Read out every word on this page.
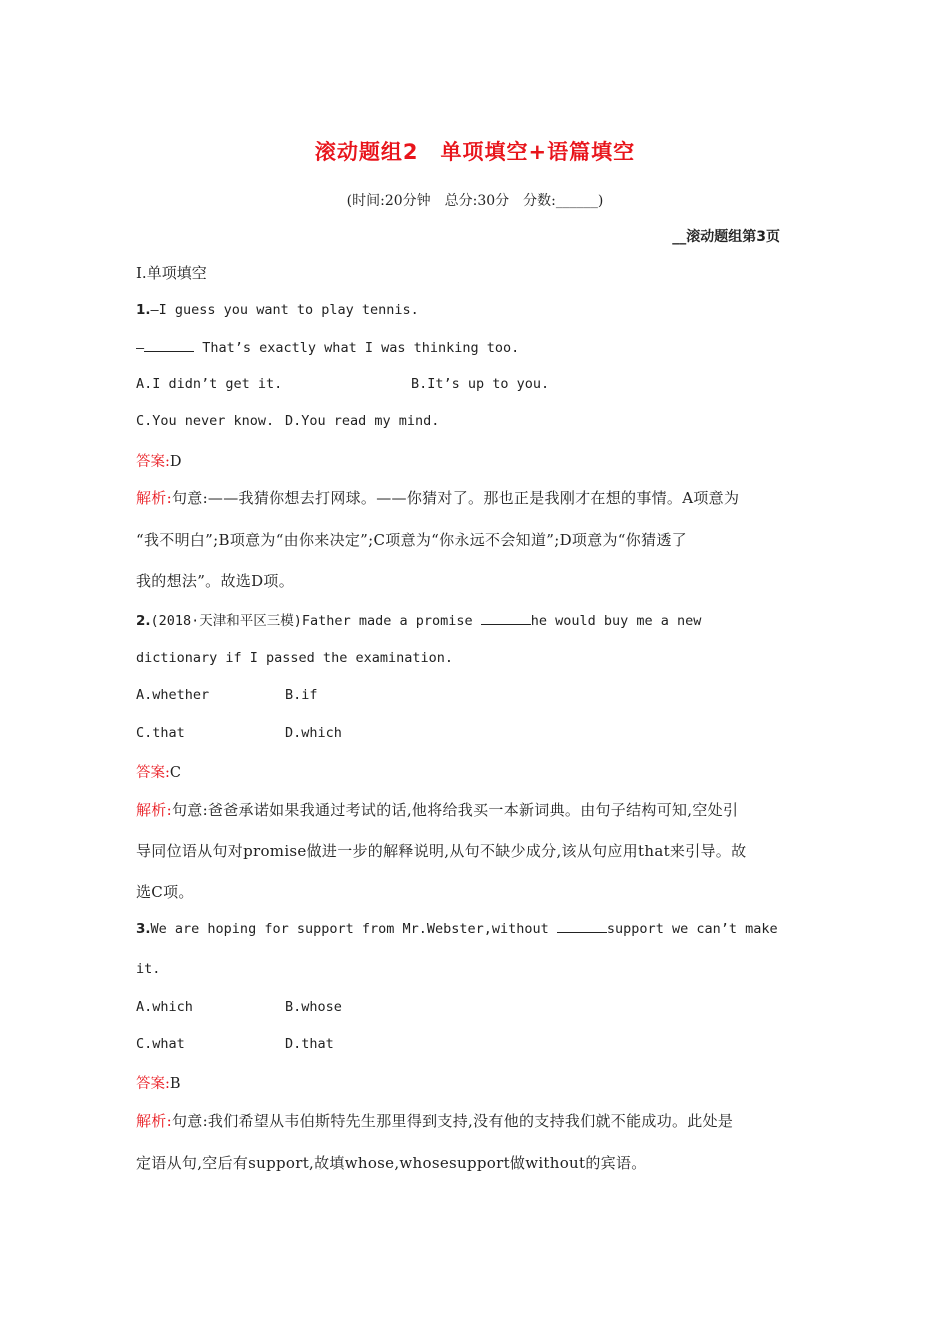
滚动题组2　单项填空+语篇填空
(时间:20分钟　总分:30分　分数:______)
__滚动题组第3页
Ⅰ.单项填空
1.—I guess you want to play tennis.
—	That’s exactly what I was thinking too.
A.I didn’t get it.	B.It’s up to you.
C.You never know. D.You read my mind.
答案:D
解析:句意:——我猜你想去打网球。——你猜对了。那也正是我刚才在想的事情。A项意为
“我不明白”;B项意为“由你来决定”;C项意为“你永远不会知道”;D项意为“你猜透了
我的想法”。故选D项。
2.(2018·天津和平区三模)Father made a promise	he would buy me a new
dictionary if I passed the examination.
A.whether	B.if
C.that	D.which
答案:C
解析:句意:爸爸承诺如果我通过考试的话,他将给我买一本新词典。由句子结构可知,空处引
导同位语从句对promise做进一步的解释说明,从句不缺少成分,该从句应用that来引导。故
选C项。
3.We are hoping for support from Mr.Webster,without	support we can’t make
it.
A.which	B.whose
C.what	D.that
答案:B
解析:句意:我们希望从韦伯斯特先生那里得到支持,没有他的支持我们就不能成功。此处是
定语从句,空后有support,故填whose,whosesupport做without的宾语。
